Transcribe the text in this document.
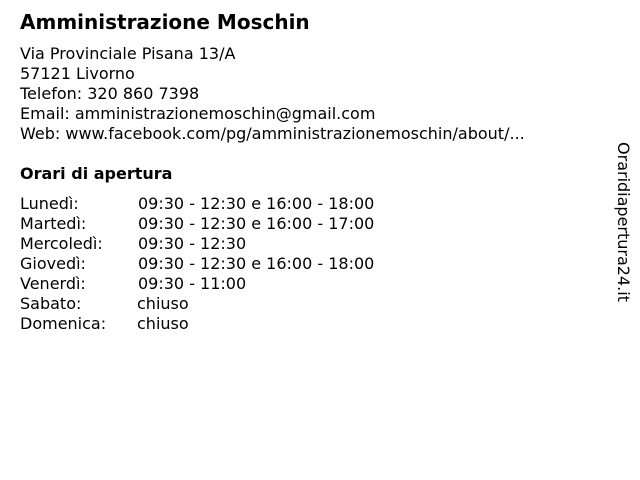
Amministrazione Moschin
Via Provinciale Pisana 13/A
57121 Livorno
Telefon: 320 860 7398
Email: amministrazionemoschin@gmail.com
Web: www.facebook.com/pg/amministrazionemoschin/about/...
Orari di apertura
Lunedì:	09:30 - 12:30 e 16:00 - 18:00
Martedì:	09:30 - 12:30 e 16:00 - 17:00
Mercoledì: 09:30 - 12:30
Giovedì:	09:30 - 12:30 e 16:00 - 18:00
Venerdì:	09:30 - 11:00
Sabato:	chiuso
Domenica: chiuso
Oraridiapertura24.it
